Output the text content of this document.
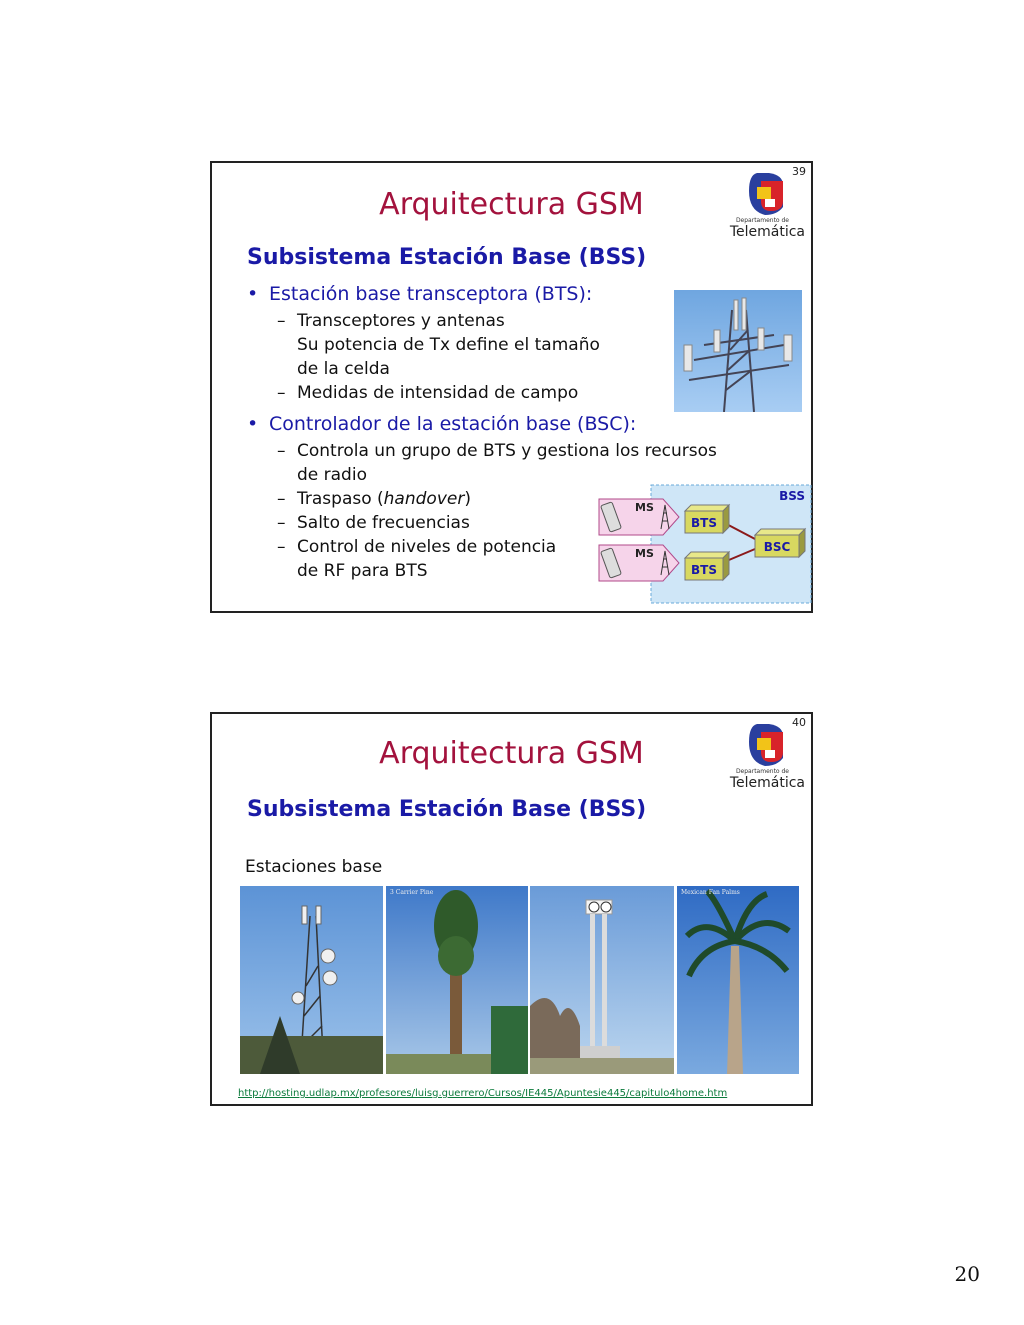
39
Arquitectura GSM	Departamento de
Telemática
Subsistema Estación Base (BSS)
• Estación base transceptora (BTS):
– Transceptores y antenas
Su potencia de Tx define el tamaño
de la celda
– Medidas de intensidad de campo
• Controlador de la estación base (BSC):
– Controla un grupo de BTS y gestiona los recursos
de radio
– Traspaso (handover)
– Salto de frecuencias
– Control de niveles de potencia
de RF para BTS
BSS
MS
MS
BTS
BTS
BSC
40
Arquitectura GSM
Departamento de
Telemática
Subsistema Estación Base (BSS)
Estaciones base
3 Carrier Pine	Mexican Fan Palms
http://hosting.udlap.mx/profesores/luisg.guerrero/Cursos/IE445/Apuntesie445/capitulo4home.htm
20
